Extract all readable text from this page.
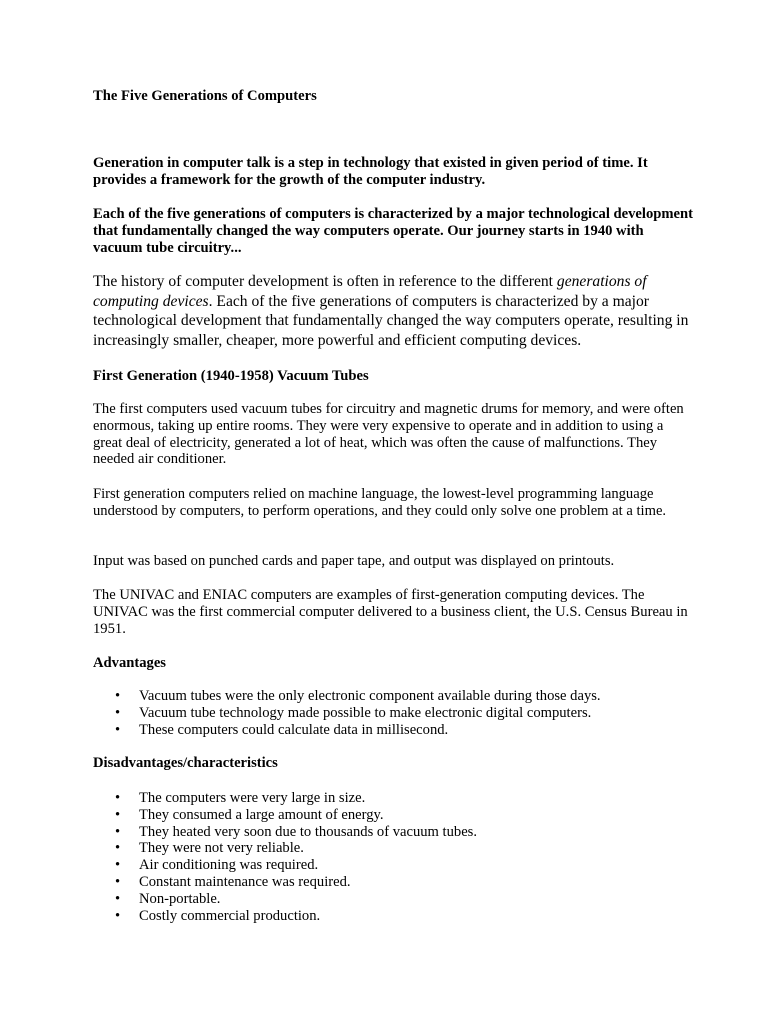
The Five Generations of Computers

Generation in computer talk is a step in technology that existed in given period of time. It provides a framework for the growth of the computer industry.

Each of the five generations of computers is characterized by a major technological development that fundamentally changed the way computers operate. Our journey starts in 1940 with vacuum tube circuitry...

The history of computer development is often in reference to the different generations of computing devices. Each of the five generations of computers is characterized by a major technological development that fundamentally changed the way computers operate, resulting in increasingly smaller, cheaper, more powerful and efficient computing devices.

First Generation (1940-1958) Vacuum Tubes

The first computers used vacuum tubes for circuitry and magnetic drums for memory, and were often enormous, taking up entire rooms. They were very expensive to operate and in addition to using a great deal of electricity, generated a lot of heat, which was often the cause of malfunctions. They needed air conditioner.

First generation computers relied on machine language, the lowest-level programming language understood by computers, to perform operations, and they could only solve one problem at a time.

Input was based on punched cards and paper tape, and output was displayed on printouts.

The UNIVAC and ENIAC computers are examples of first-generation computing devices. The UNIVAC was the first commercial computer delivered to a business client, the U.S. Census Bureau in 1951.

Advantages

• Vacuum tubes were the only electronic component available during those days.
• Vacuum tube technology made possible to make electronic digital computers.
• These computers could calculate data in millisecond.

Disadvantages/characteristics

• The computers were very large in size.
• They consumed a large amount of energy.
• They heated very soon due to thousands of vacuum tubes.
• They were not very reliable.
• Air conditioning was required.
• Constant maintenance was required.
• Non-portable.
• Costly commercial production.
